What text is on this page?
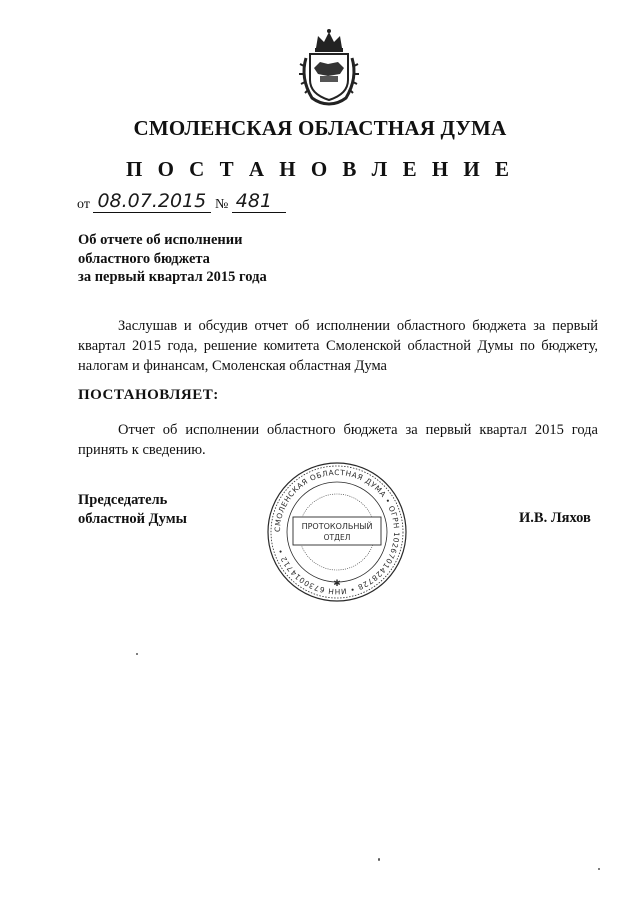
СМОЛЕНСКАЯ ОБЛАСТНАЯ ДУМА
П О С Т А Н О В Л Е Н И Е
от 08.07.2015 № 481
Об отчете об исполнении
областного бюджета
за первый квартал 2015 года
Заслушав и обсудив отчет об исполнении областного бюджета за первый квартал 2015 года, решение комитета Смоленской областной Думы по бюджету, налогам и финансам, Смоленская областная Дума
ПОСТАНОВЛЯЕТ:
Отчет об исполнении областного бюджета за первый квартал 2015 года принять к сведению.
Председатель
областной Думы
СМОЛЕНСКАЯ ОБЛАСТНАЯ ДУМА • ОГРН 1026701428728 • ИНН 6730014712 •
ПРОТОКОЛЬНЫЙ
ОТДЕЛ
✱
И.В. Ляхов
